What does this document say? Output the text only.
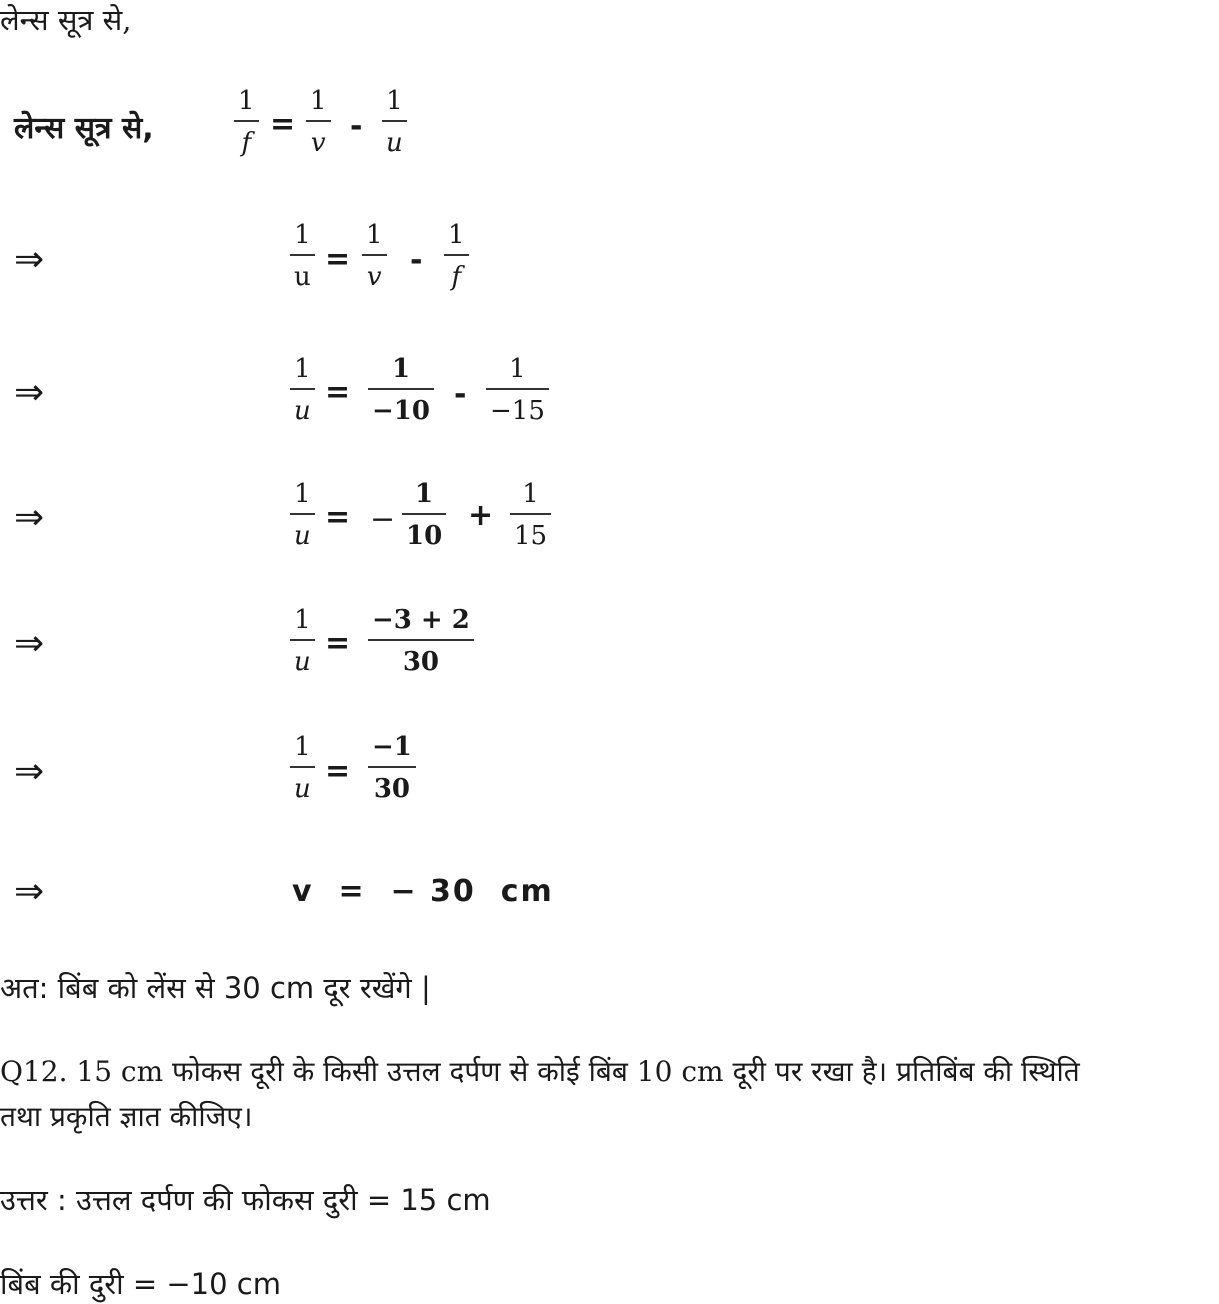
लेन्स सूत्र से,
लेन्स सूत्र से,
1
f
=
1
v -
1
u
⇒
1
u =
1
v -
1
f
⇒
1
u
=
1
−10 -
1
−15
⇒
1
u
= −
1
10
+
1
15
⇒
1
u
=
−3 + 2
30
⇒
1
u =
−1
30
⇒	v  =  − 30  cm
अत: बिंब को लेंस से 30 cm दूर रखेंगे |
Q12. 15 cm फोकस दूरी के किसी उत्तल दर्पण से कोई बिंब 10 cm दूरी पर रखा है। प्रतिबिंब की स्थिति
तथा प्रकृति ज्ञात कीजिए।
उत्तर : उत्तल दर्पण की फोकस दुरी = 15 cm
बिंब की दुरी = −10 cm
